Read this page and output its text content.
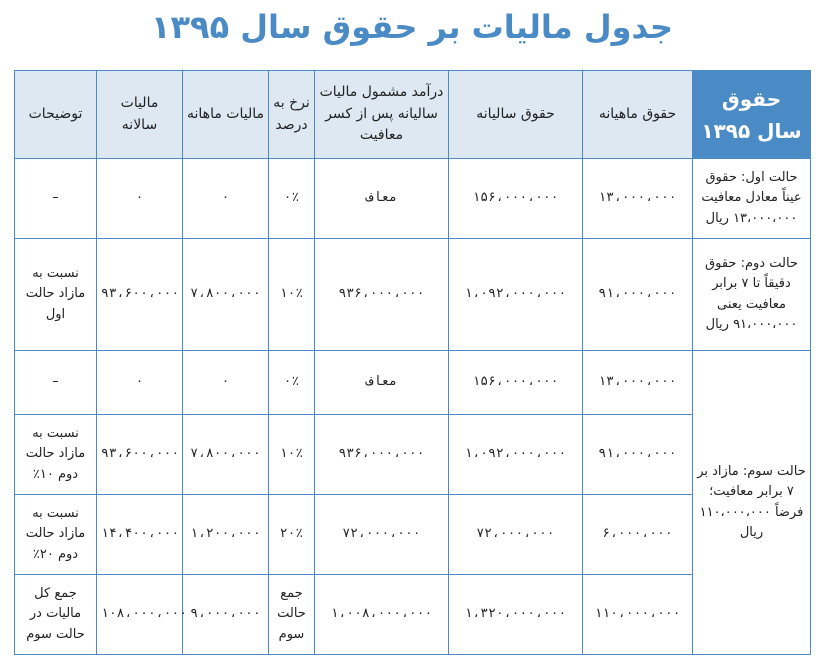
جدول مالیات بر حقوق سال ۱۳۹۵
حقوق سال ۱۳۹۵	حقوق ماهیانه	حقوق سالیانه	درآمد مشمول مالیات سالیانه پس از کسر معافیت	نرخ به درصد	مالیات ماهانه	مالیات سالانه	توضیحات
حالت اول: حقوق عیناً معادل معافیت ۱۳،۰۰۰،۰۰۰ ریال	۱۳،۰۰۰،۰۰۰	۱۵۶،۰۰۰،۰۰۰	معاف	۰٪	۰	۰	–
حالت دوم: حقوق دقیقاً تا ۷ برابر معافیت یعنی ۹۱،۰۰۰،۰۰۰ ریال	۹۱،۰۰۰،۰۰۰	۱،۰۹۲،۰۰۰،۰۰۰	۹۳۶،۰۰۰،۰۰۰	۱۰٪	۷،۸۰۰،۰۰۰	۹۳،۶۰۰،۰۰۰	نسبت به مازاد حالت اول
حالت سوم: مازاد بر ۷ برابر معافیت؛ فرضاً ۱۱۰،۰۰۰،۰۰۰ ریال	۱۳،۰۰۰،۰۰۰	۱۵۶،۰۰۰،۰۰۰	معاف	۰٪	۰	۰	–
	۹۱،۰۰۰،۰۰۰	۱،۰۹۲،۰۰۰،۰۰۰	۹۳۶،۰۰۰،۰۰۰	۱۰٪	۷،۸۰۰،۰۰۰	۹۳،۶۰۰،۰۰۰	نسبت به مازاد حالت دوم ۱۰٪
	۶،۰۰۰،۰۰۰	۷۲،۰۰۰،۰۰۰	۷۲،۰۰۰،۰۰۰	۲۰٪	۱،۲۰۰،۰۰۰	۱۴،۴۰۰،۰۰۰	نسبت به مازاد حالت دوم ۲۰٪
	۱۱۰،۰۰۰،۰۰۰	۱،۳۲۰،۰۰۰،۰۰۰	۱،۰۰۸،۰۰۰،۰۰۰	جمع حالت سوم	۹،۰۰۰،۰۰۰	۱۰۸،۰۰۰،۰۰۰	جمع کل مالیات در حالت سوم
